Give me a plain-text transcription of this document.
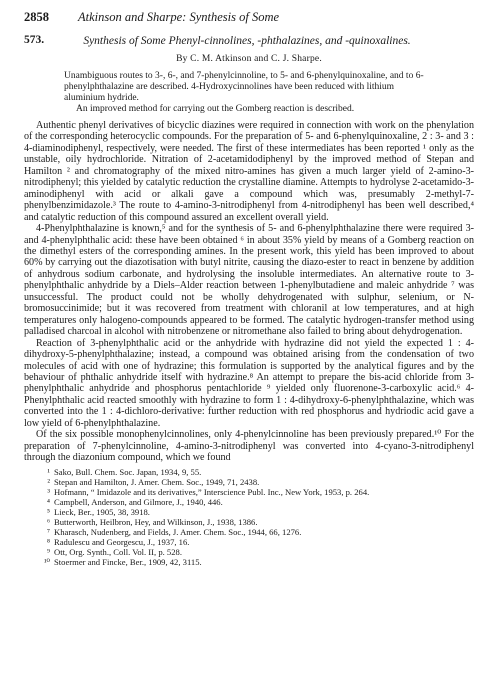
2858	Atkinson and Sharpe: Synthesis of Some
573.	Synthesis of Some Phenyl-cinnolines, -phthalazines, and -quinoxalines.
By C. M. Atkinson and C. J. Sharpe.

Unambiguous routes to 3-, 6-, and 7-phenylcinnoline, to 5- and 6-phenylquinoxaline, and to 6-phenylphthalazine are described. 4-Hydroxycinnolines have been reduced with lithium aluminium hydride.

An improved method for carrying out the Gomberg reaction is described.

Authentic phenyl derivatives of bicyclic diazines were required in connection with work on the phenylation of the corresponding heterocyclic compounds. For the preparation of 5- and 6-phenylquinoxaline, 2 : 3- and 3 : 4-diaminodiphenyl, respectively, were needed. The first of these intermediates has been reported ¹ only as the unstable, oily hydrochloride. Nitration of 2-acetamidodiphenyl by the improved method of Stepan and Hamilton ² and chromatography of the mixed nitro-amines has given a much larger yield of 2-amino-3-nitrodiphenyl; this yielded by catalytic reduction the crystalline diamine. Attempts to hydrolyse 2-acetamido-3-aminodiphenyl with acid or alkali gave a compound which was, presumably 2-methyl-7-phenylbenzimidazole.³ The route to 4-amino-3-nitrodiphenyl from 4-nitrodiphenyl has been well described,⁴ and catalytic reduction of this compound assured an excellent overall yield.

4-Phenylphthalazine is known,⁵ and for the synthesis of 5- and 6-phenylphthalazine there were required 3- and 4-phenylphthalic acid: these have been obtained ⁶ in about 35% yield by means of a Gomberg reaction on the dimethyl esters of the corresponding amines. In the present work, this yield has been improved to about 60% by carrying out the diazotisation with butyl nitrite, causing the diazo-ester to react in benzene by addition of anhydrous sodium carbonate, and hydrolysing the insoluble intermediates. An alternative route to 3-phenylphthalic anhydride by a Diels–Alder reaction between 1-phenylbutadiene and maleic anhydride ⁷ was unsuccessful. The product could not be wholly dehydrogenated with sulphur, selenium, or N-bromosuccinimide; but it was recovered from treatment with chloranil at low temperatures, and at high temperatures only halogeno-compounds appeared to be formed. The catalytic hydrogen-transfer method using palladised charcoal in alcohol with nitrobenzene or nitromethane also failed to bring about dehydrogenation.

Reaction of 3-phenylphthalic acid or the anhydride with hydrazine did not yield the expected 1 : 4-dihydroxy-5-phenylphthalazine; instead, a compound was obtained arising from the condensation of two molecules of acid with one of hydrazine; this formulation is supported by the analytical figures and by the behaviour of phthalic anhydride itself with hydrazine.⁸ An attempt to prepare the bis-acid chloride from 3-phenylphthalic anhydride and phosphorus pentachloride ⁹ yielded only fluorenone-3-carboxylic acid.⁶ 4-Phenylphthalic acid reacted smoothly with hydrazine to form 1 : 4-dihydroxy-6-phenylphthalazine, which was converted into the 1 : 4-dichloro-derivative: further reduction with red phosphorus and hydriodic acid gave a low yield of 6-phenylphthalazine.

Of the six possible monophenylcinnolines, only 4-phenylcinnoline has been previously prepared.¹⁰ For the preparation of 7-phenylcinnoline, 4-amino-3-nitrodiphenyl was converted into 4-cyano-3-nitrodiphenyl through the diazonium compound, which we found

¹ Sako, Bull. Chem. Soc. Japan, 1934, 9, 55.
² Stepan and Hamilton, J. Amer. Chem. Soc., 1949, 71, 2438.
³ Hofmann, “ Imidazole and its derivatives,” Interscience Publ. Inc., New York, 1953, p. 264.
⁴ Campbell, Anderson, and Gilmore, J., 1940, 446.
⁵ Lieck, Ber., 1905, 38, 3918.
⁶ Butterworth, Heilbron, Hey, and Wilkinson, J., 1938, 1386.
⁷ Kharasch, Nudenberg, and Fields, J. Amer. Chem. Soc., 1944, 66, 1276.
⁸ Radulescu and Georgescu, J., 1937, 16.
⁹ Ott, Org. Synth., Coll. Vol. II, p. 528.
¹⁰ Stoermer and Fincke, Ber., 1909, 42, 3115.
